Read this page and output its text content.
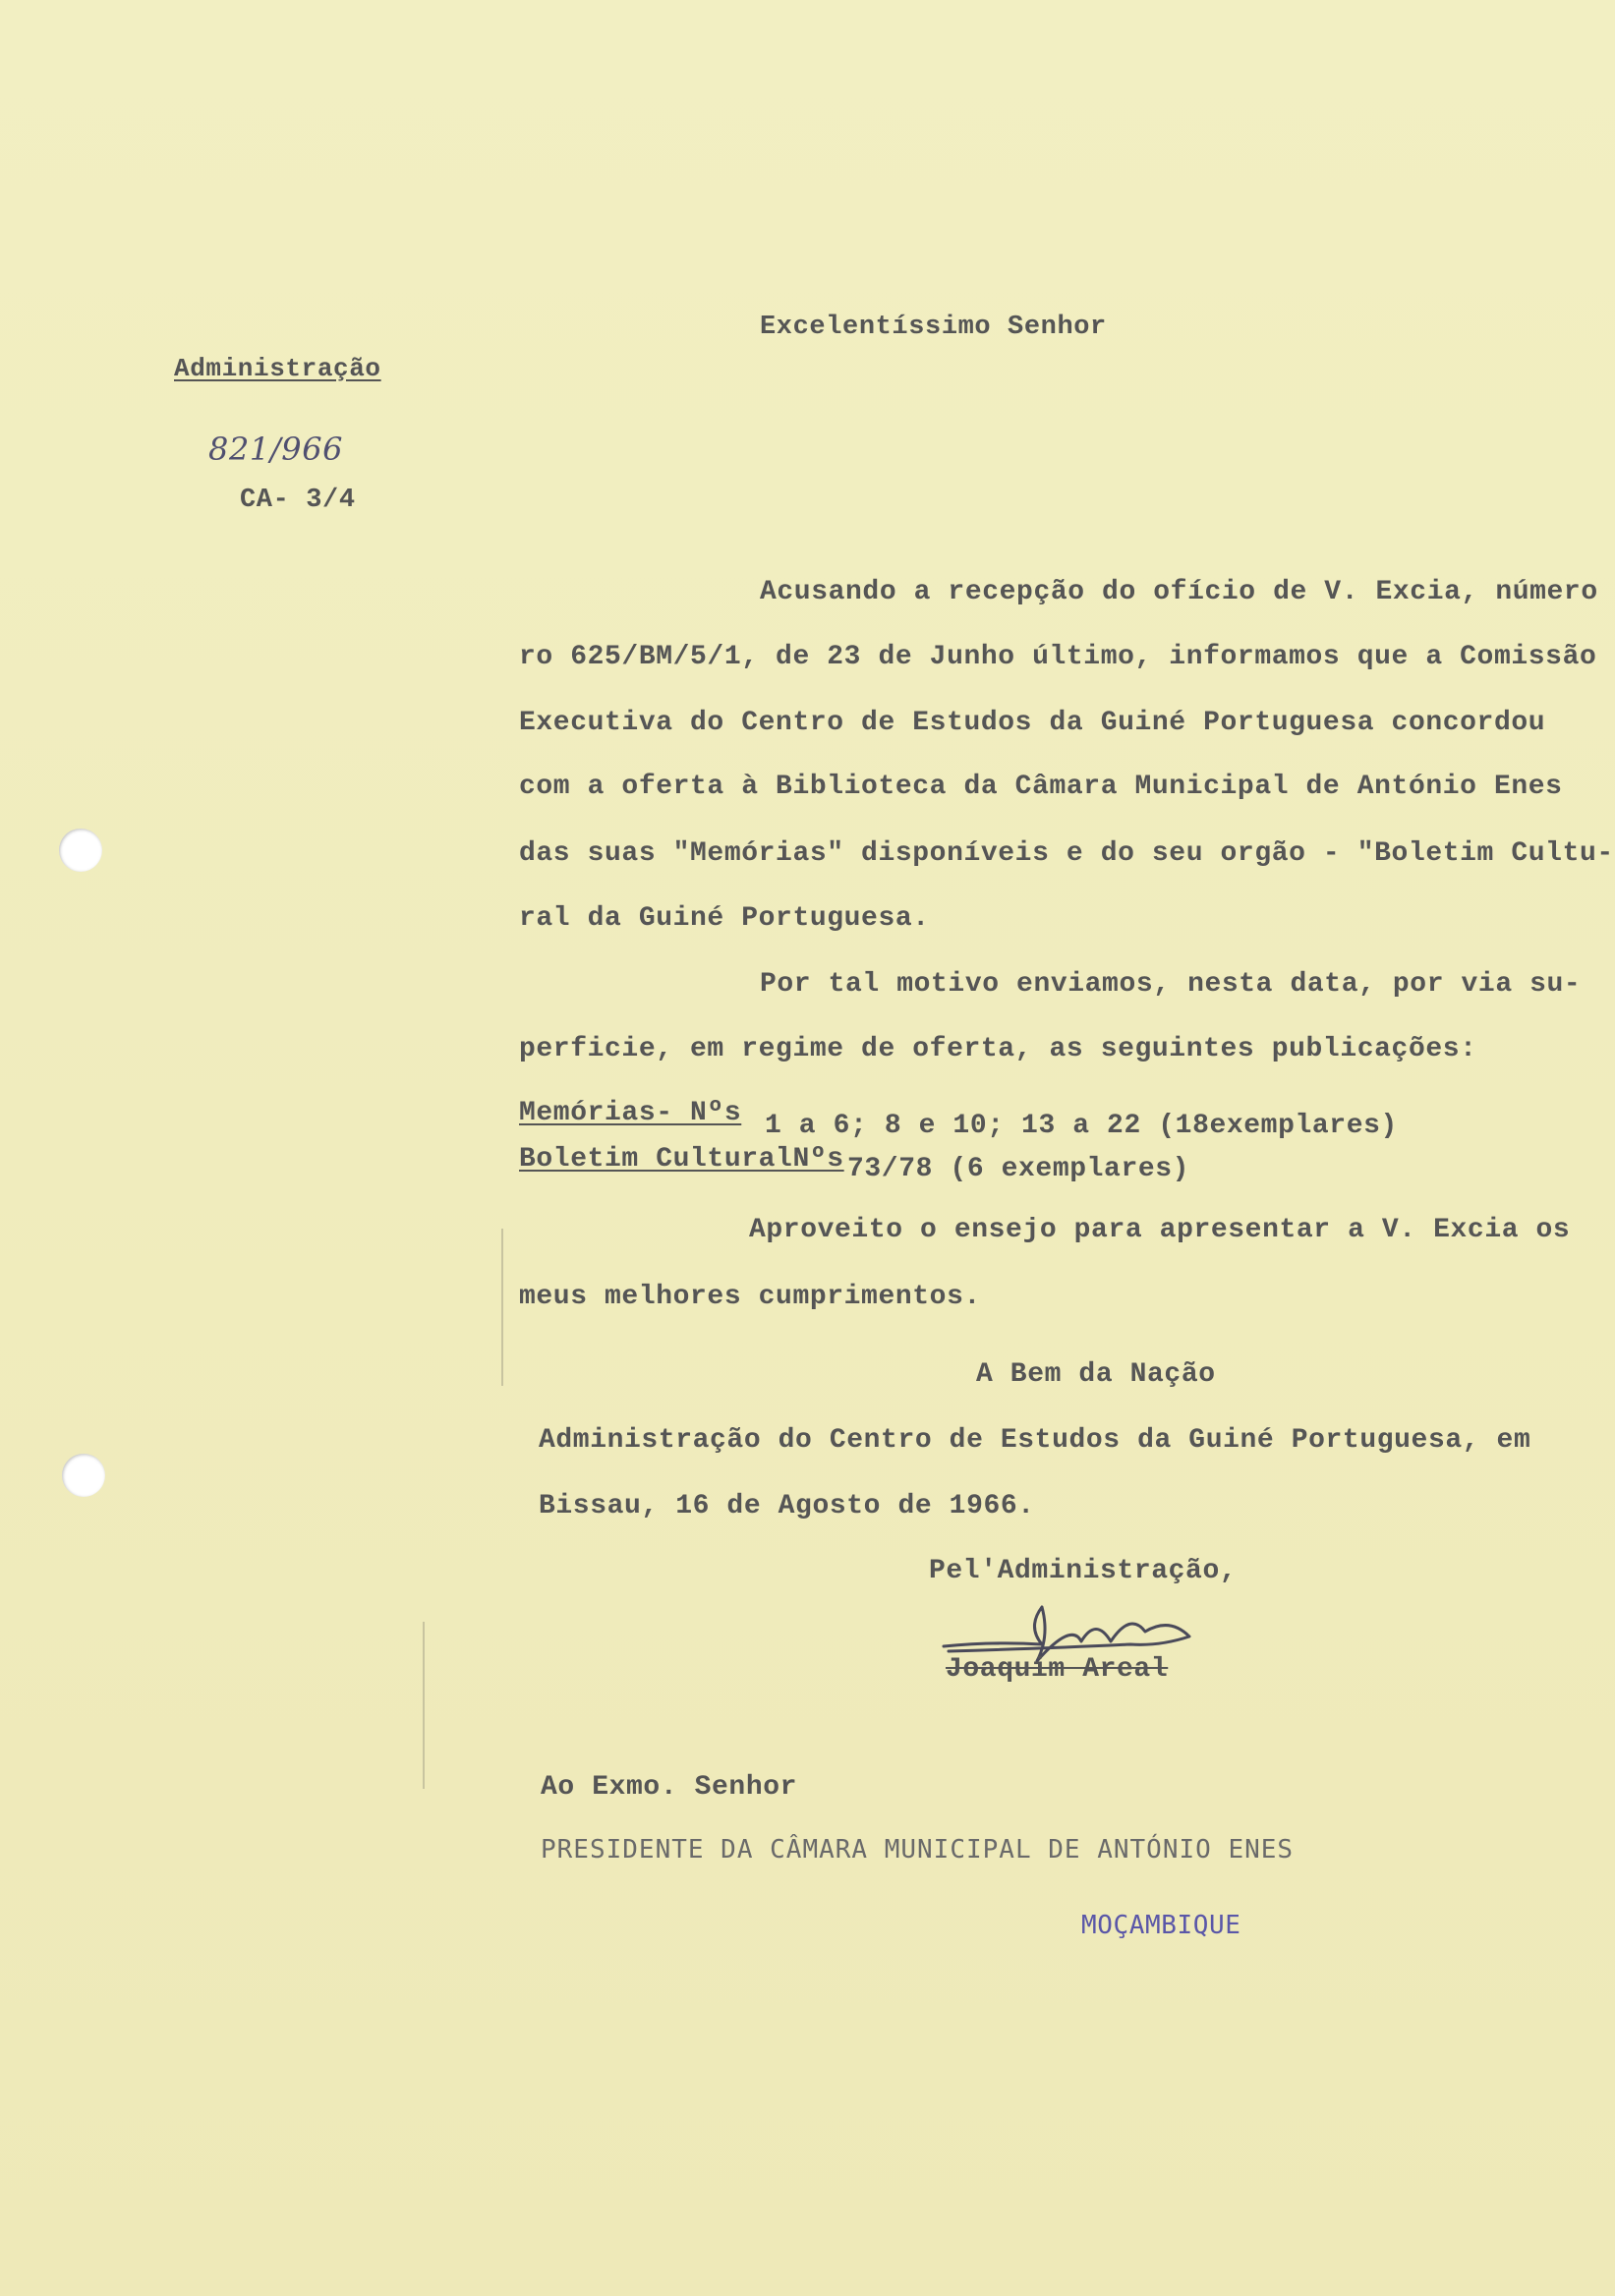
Excelentíssimo Senhor
Administração
821/966
CA- 3/4
Acusando a recepção do ofício de V. Excia, número
ro 625/BM/5/1, de 23 de Junho último, informamos que a Comissão
Executiva do Centro de Estudos da Guiné Portuguesa concordou
com a oferta à Biblioteca da Câmara Municipal de António Enes
das suas "Memórias" disponíveis e do seu orgão - "Boletim Cultu-
ral da Guiné Portuguesa.
Por tal motivo enviamos, nesta data, por via su-
perficie, em regime de oferta, as seguintes publicações:
Memórias- Nºs 1 a 6; 8 e 10; 13 a 22 (18exemplares)
Boletim CulturalNºs 73/78 (6 exemplares)
Aproveito o ensejo para apresentar a V. Excia os
meus melhores cumprimentos.
A Bem da Nação
Administração do Centro de Estudos da Guiné Portuguesa, em
Bissau, 16 de Agosto de 1966.
Pel'Administração,
Joaquim Areal
Ao Exmo. Senhor
PRESIDENTE DA CÂMARA MUNICIPAL DE ANTÓNIO ENES
MOÇAMBIQUE
